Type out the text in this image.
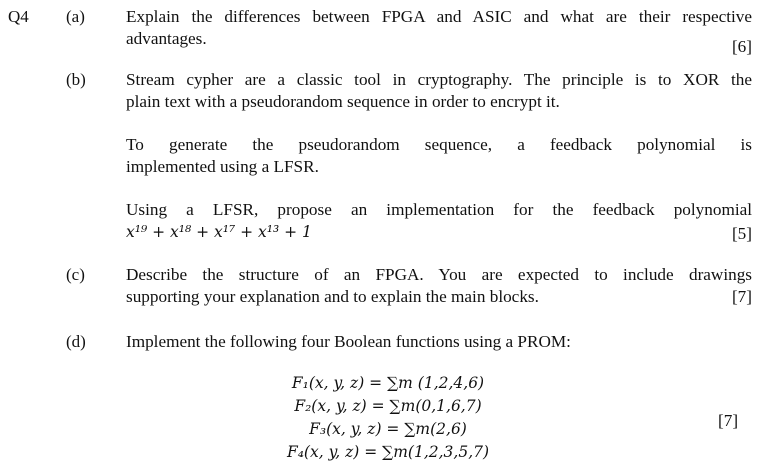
Q4 (a) Explain the differences between FPGA and ASIC and what are their respective
advantages.	[6]
(b) Stream cypher are a classic tool in cryptography. The principle is to XOR the
plain text with a pseudorandom sequence in order to encrypt it.
To generate the pseudorandom sequence, a feedback polynomial is
implemented using a LFSR.
Using a LFSR, propose an implementation for the feedback polynomial
x¹⁹ + x¹⁸ + x¹⁷ + x¹³ + 1	[5]
(c) Describe the structure of an FPGA. You are expected to include drawings
supporting your explanation and to explain the main blocks.	[7]
(d) Implement the following four Boolean functions using a PROM:
F₁(x, y, z) = ∑m (1,2,4,6)
F₂(x, y, z) = ∑m(0,1,6,7)
F₃(x, y, z) = ∑m(2,6)
F₄(x, y, z) = ∑m(1,2,3,5,7)
[7]
